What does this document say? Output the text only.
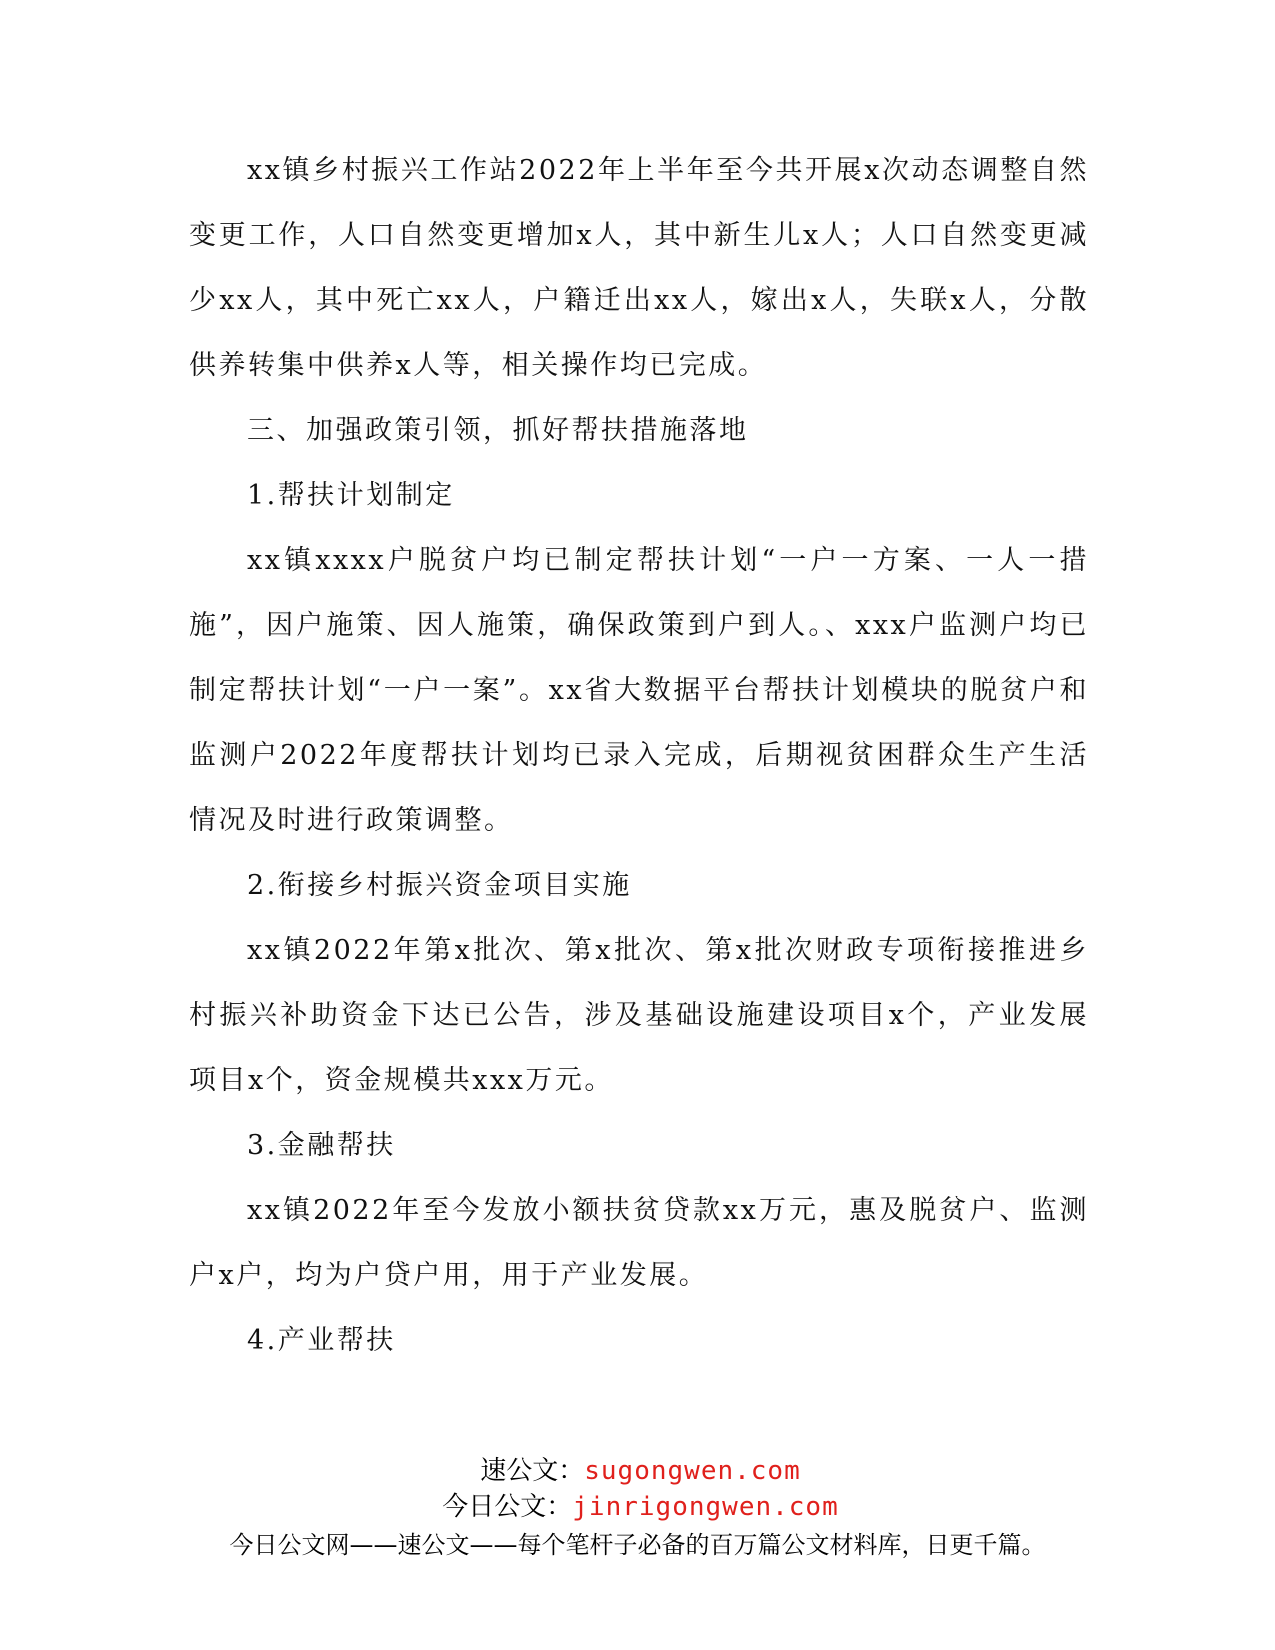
xx镇乡村振兴工作站2022年上半年至今共开展x次动态调整自然变更工作，人口自然变更增加x人，其中新生儿x人；人口自然变更减少xx人，其中死亡xx人，户籍迁出xx人，嫁出x人，失联x人，分散供养转集中供养x人等，相关操作均已完成。

三、加强政策引领，抓好帮扶措施落地

1.帮扶计划制定

xx镇xxxx户脱贫户均已制定帮扶计划“一户一方案、一人一措施”，因户施策、因人施策，确保政策到户到人。、xxx户监测户均已制定帮扶计划“一户一案”。xx省大数据平台帮扶计划模块的脱贫户和监测户2022年度帮扶计划均已录入完成，后期视贫困群众生产生活情况及时进行政策调整。

2.衔接乡村振兴资金项目实施

xx镇2022年第x批次、第x批次、第x批次财政专项衔接推进乡村振兴补助资金下达已公告，涉及基础设施建设项目x个，产业发展项目x个，资金规模共xxx万元。

3.金融帮扶

xx镇2022年至今发放小额扶贫贷款xx万元，惠及脱贫户、监测户x户，均为户贷户用，用于产业发展。

4.产业帮扶

速公文：sugongwen.com
今日公文：jinrigongwen.com
今日公文网——速公文——每个笔杆子必备的百万篇公文材料库，日更千篇。
